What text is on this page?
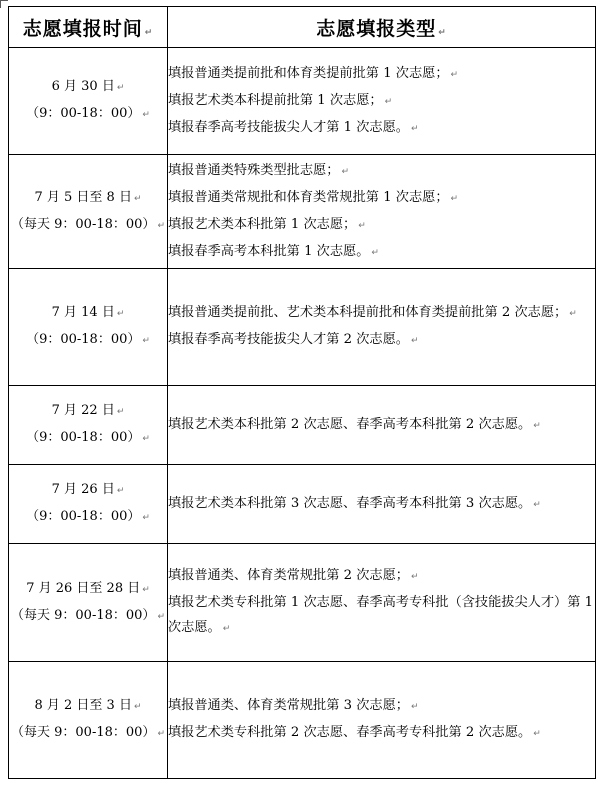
志愿填报时间 ↵	志愿填报类型 ↵

6 月 30 日 ↵
（9：00-18：00） ↵	填报普通类提前批和体育类提前批第 1 次志愿； ↵
填报艺术类本科提前批第 1 次志愿； ↵
填报春季高考技能拔尖人才第 1 次志愿。 ↵

7 月 5 日至 8 日 ↵
（每天 9：00-18：00） ↵	填报普通类特殊类型批志愿； ↵
填报普通类常规批和体育类常规批第 1 次志愿； ↵
填报艺术类本科批第 1 次志愿； ↵
填报春季高考本科批第 1 次志愿。 ↵

7 月 14 日 ↵
（9：00-18：00） ↵	填报普通类提前批、艺术类本科提前批和体育类提前批第 2 次志愿； ↵
填报春季高考技能拔尖人才第 2 次志愿。 ↵

7 月 22 日 ↵
（9：00-18：00） ↵	填报艺术类本科批第 2 次志愿、春季高考本科批第 2 次志愿。 ↵

7 月 26 日 ↵
（9：00-18：00） ↵	填报艺术类本科批第 3 次志愿、春季高考本科批第 3 次志愿。 ↵

7 月 26 日至 28 日 ↵
（每天 9：00-18：00） ↵	填报普通类、体育类常规批第 2 次志愿； ↵
填报艺术类专科批第 1 次志愿、春季高考专科批（含技能拔尖人才）第 1 次志愿。 ↵

8 月 2 日至 3 日 ↵
（每天 9：00-18：00） ↵	填报普通类、体育类常规批第 3 次志愿； ↵
填报艺术类专科批第 2 次志愿、春季高考专科批第 2 次志愿。 ↵
